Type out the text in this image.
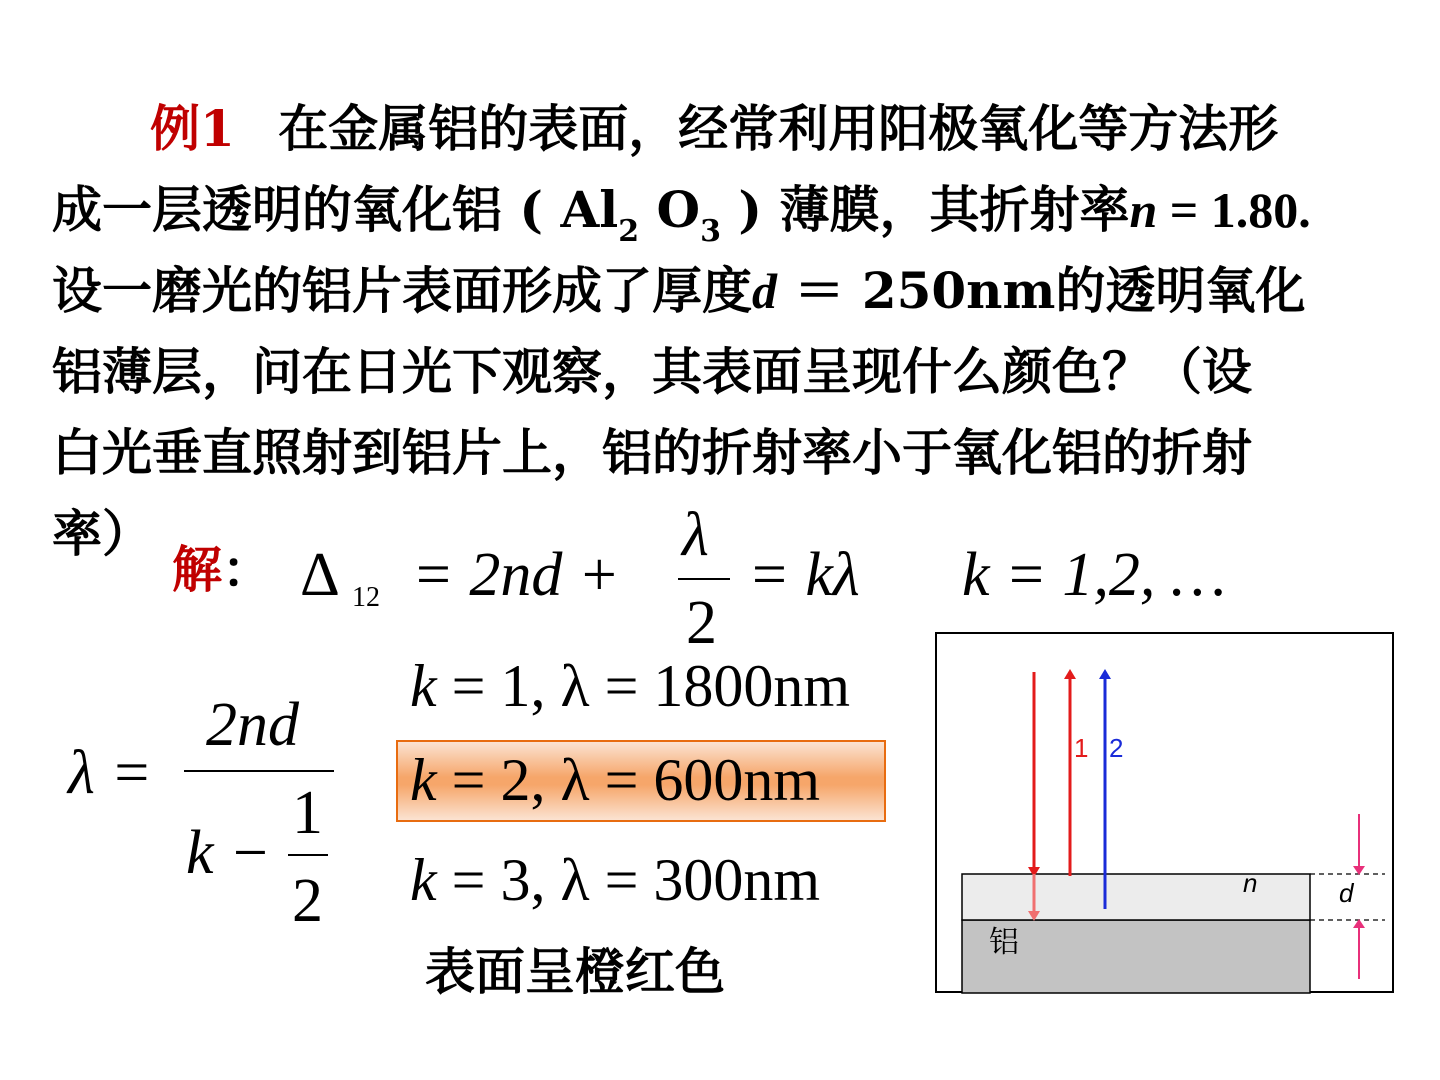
例1 在金属铝的表面，经常利用阳极氧化等方法形
成一层透明的氧化铝 ( $Al_2$ $O_3$ ) 薄膜，其折射率n = 1.80.
设一磨光的铝片表面形成了厚度d ＝ 250nm的透明氧化
铝薄层，问在日光下观察，其表面呈现什么颜色？（设
白光垂直照射到铝片上，铝的折射率小于氧化铝的折射
率）
解： Δ 12 = 2nd +
λ
2
= kλ k = 1,2, …
λ =
2nd
k −
1
2
k = 1, λ = 1800nm
k = 2, λ = 600nm
k = 3, λ = 300nm
表面呈橙红色
1 2
n	d
铝
